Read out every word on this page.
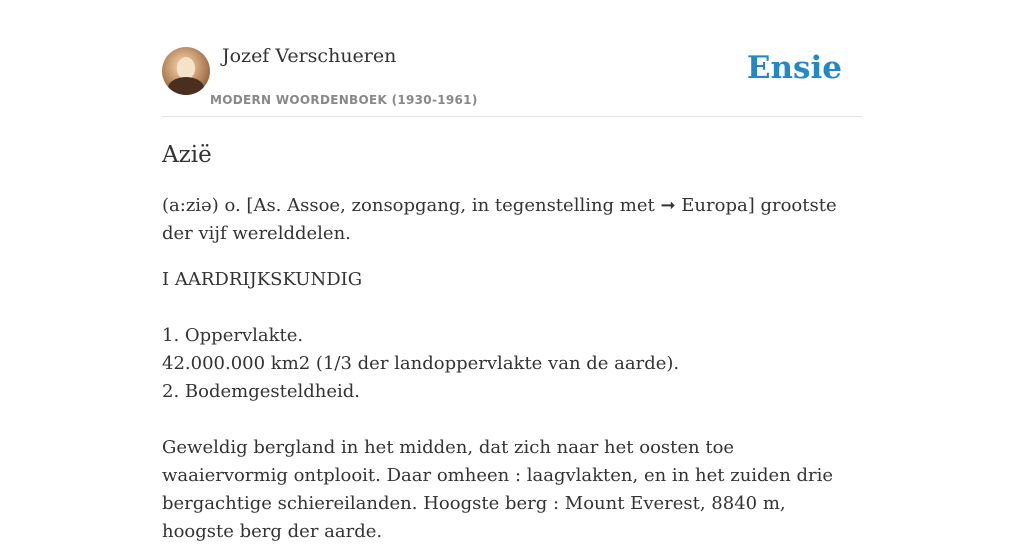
Jozef Verschueren
MODERN WOORDENBOEK (1930-1961)
Ensie
Azië

(a:ziə) o. [As. Assoe, zonsopgang, in tegenstelling met ➞ Europa] grootste der vijf werelddelen.

I AARDRIJKSKUNDIG

1. Oppervlakte.

42.000.000 km2 (1/3 der landoppervlakte van de aarde).

2. Bodemgesteldheid.

Geweldig bergland in het midden, dat zich naar het oosten toe waaiervormig ontplooit. Daar omheen : laagvlakten, en in het zuiden drie bergachtige schiereilanden. Hoogste berg : Mount Everest, 8840 m, hoogste berg der aarde.
